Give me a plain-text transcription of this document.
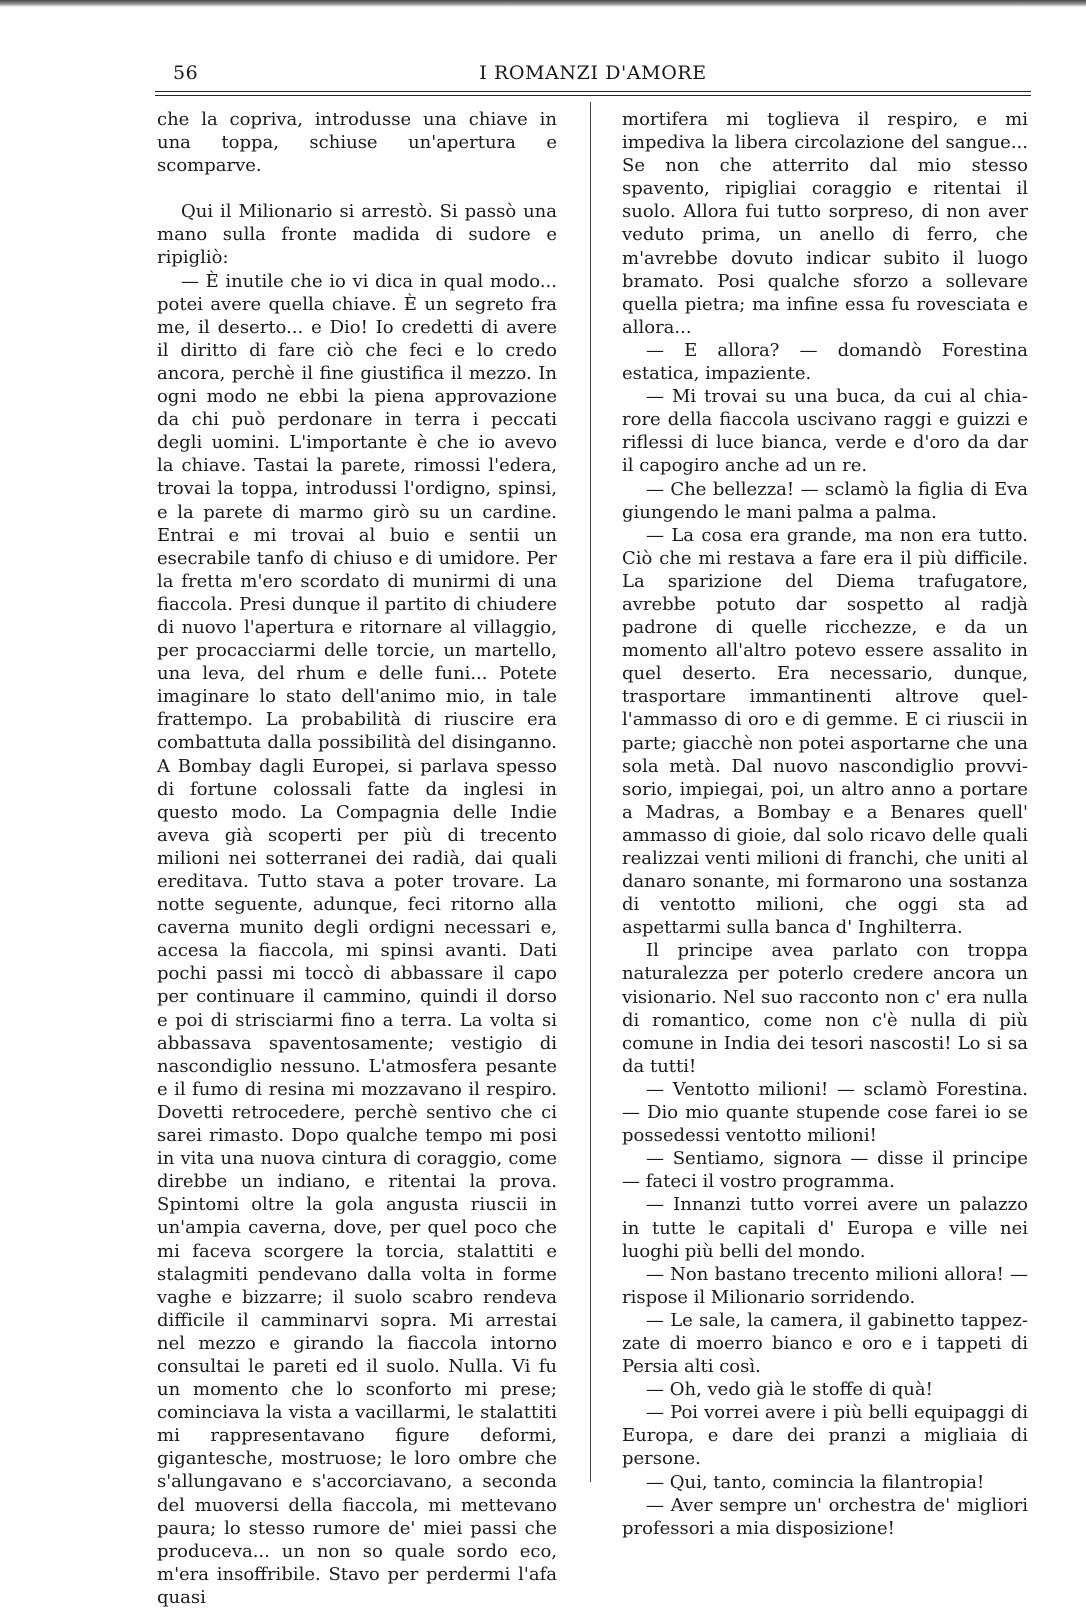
56	I ROMANZI D'AMORE

che la copriva, introdusse una chiave in una toppa, schiuse un'apertura e scomparve.

Qui il Milionario si arrestò. Si passò una mano sulla fronte madida di sudore e ripigliò:

— È inutile che io vi dica in qual modo... potei avere quella chiave. È un segreto fra me, il deserto... e Dio! Io credetti di avere il diritto di fare ciò che feci e lo credo ancora, perchè il fine giustifica il mezzo. In ogni modo ne ebbi la piena approvazione da chi può perdonare in terra i peccati degli uomini. L'importante è che io avevo la chiave. Tastai la parete, rimossi l'edera, trovai la toppa, introdussi l'ordigno, spinsi, e la parete di marmo girò su un cardine. Entrai e mi trovai al buio e sentii un esecrabile tanfo di chiuso e di umidore. Per la fretta m'ero scordato di munirmi di una fiaccola. Presi dunque il partito di chiudere di nuovo l'apertura e ritornare al villaggio, per procacciarmi delle torcie, un martello, una leva, del rhum e delle funi... Potete imaginare lo stato dell'animo mio, in tale frattempo. La probabilità di riuscire era combattuta dalla possibilità del disinganno. A Bombay dagli Europei, si parlava spesso di fortune colossali fatte da inglesi in questo modo. La Compagnia delle Indie aveva già scoperti per più di trecento milioni nei sotterranei dei radià, dai quali ereditava. Tutto stava a poter trovare. La notte seguente, adunque, feci ritorno alla caverna munito degli ordigni necessari e, accesa la fiaccola, mi spinsi avanti. Dati pochi passi mi toccò di abbassare il capo per continuare il cammino, quindi il dorso e poi di strisciarmi fino a terra. La volta si abbassava spaventosamente; vestigio di nascondiglio nessuno. L'atmosfera pesante e il fumo di resina mi mozzavano il respiro. Dovetti retrocedere, perchè sentivo che ci sarei rimasto. Dopo qualche tempo mi posi in vita una nuova cintura di coraggio, come direbbe un indiano, e ritentai la prova. Spintomi oltre la gola angusta riuscii in un'ampia caverna, dove, per quel poco che mi faceva scorgere la torcia, stalattiti e stalagmiti pendevano dalla volta in forme vaghe e bizzarre; il suolo scabro rendeva difficile il camminarvi sopra. Mi arrestai nel mezzo e girando la fiaccola intorno consultai le pareti ed il suolo. Nulla. Vi fu un momento che lo sconforto mi prese; cominciava la vista a vacillarmi, le stalattiti mi rappresentavano figure deformi, gigantesche, mostruose; le loro ombre che s'allungavano e s'accorciavano, a seconda del muoversi della fiaccola, mi mettevano paura; lo stesso rumore de' miei passi che produceva... un non so quale sordo eco, m'era insoffribile. Stavo per perdermi l'afa quasi

mortifera mi toglieva il respiro, e mi impediva la libera circolazione del sangue... Se non che atterrito dal mio stesso spavento, ripigliai coraggio e ritentai il suolo. Allora fui tutto sorpreso, di non aver veduto prima, un anello di ferro, che m'avrebbe dovuto indicar subito il luogo bramato. Posi qualche sforzo a sollevare quella pietra; ma infine essa fu rovesciata e allora...

— E allora? — domandò Forestina estatica, impaziente.

— Mi trovai su una buca, da cui al chiarore della fiaccola uscivano raggi e guizzi e riflessi di luce bianca, verde e d'oro da dar il capogiro anche ad un re.

— Che bellezza! — sclamò la figlia di Eva giungendo le mani palma a palma.

— La cosa era grande, ma non era tutto. Ciò che mi restava a fare era il più difficile. La sparizione del Diema trafugatore, avrebbe potuto dar sospetto al radjà padrone di quelle ricchezze, e da un momento all'altro potevo essere assalito in quel deserto. Era necessario, dunque, trasportare immantinenti altrove quell'ammasso di oro e di gemme. E ci riuscii in parte; giacchè non potei asportarne che una sola metà. Dal nuovo nascondiglio provvisorio, impiegai, poi, un altro anno a portare a Madras, a Bombay e a Benares quell' ammasso di gioie, dal solo ricavo delle quali realizzai venti milioni di franchi, che uniti al danaro sonante, mi formarono una sostanza di ventotto milioni, che oggi sta ad aspettarmi sulla banca d' Inghilterra.

Il principe avea parlato con troppa naturalezza per poterlo credere ancora un visionario. Nel suo racconto non c' era nulla di romantico, come non c'è nulla di più comune in India dei tesori nascosti! Lo si sa da tutti!

— Ventotto milioni! — sclamò Forestina. — Dio mio quante stupende cose farei io se possedessi ventotto milioni!

— Sentiamo, signora — disse il principe — fateci il vostro programma.

— Innanzi tutto vorrei avere un palazzo in tutte le capitali d' Europa e ville nei luoghi più belli del mondo.

— Non bastano trecento milioni allora! — rispose il Milionario sorridendo.

— Le sale, la camera, il gabinetto tappezzate di moerro bianco e oro e i tappeti di Persia alti così.

— Oh, vedo già le stoffe di quà!

— Poi vorrei avere i più belli equipaggi di Europa, e dare dei pranzi a migliaia di persone.

— Qui, tanto, comincia la filantropia!

— Aver sempre un' orchestra de' migliori professori a mia disposizione!
